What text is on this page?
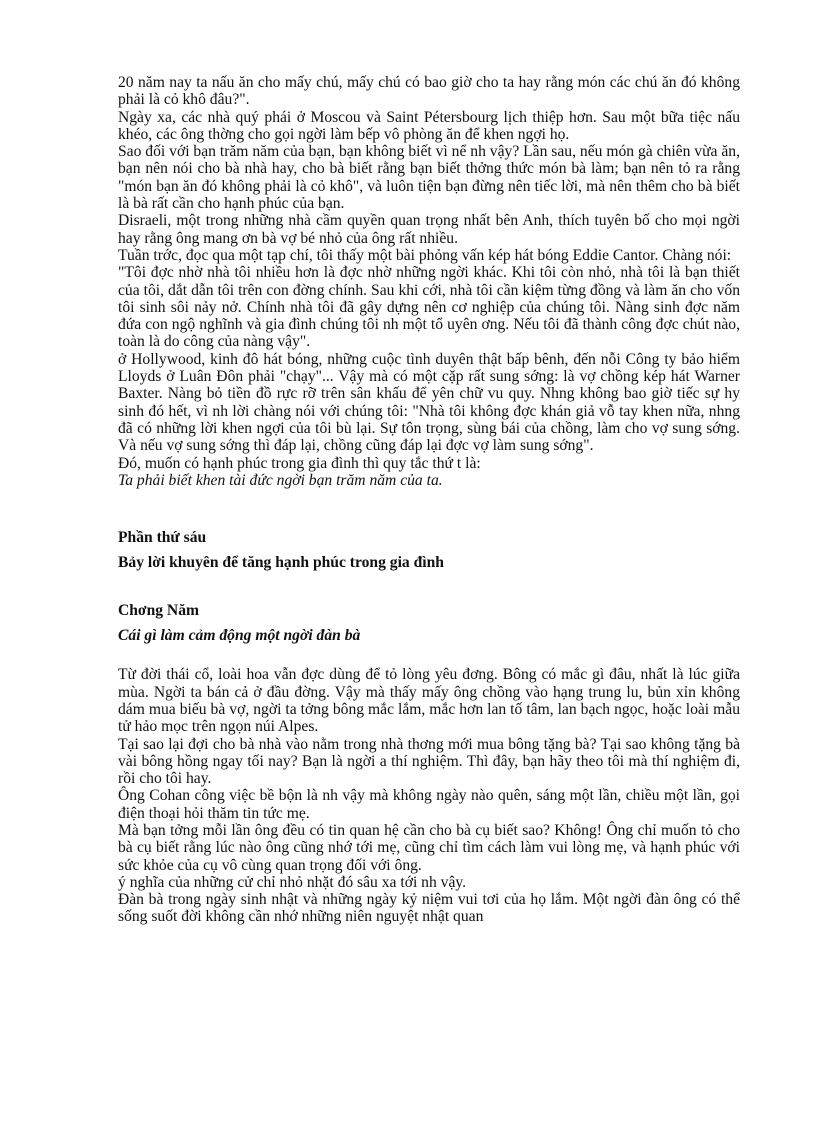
20 năm nay ta nấu ăn cho mấy chú, mấy chú có bao giờ cho ta hay rằng món các chú ăn đó không phải là cỏ khô đâu?".

Ngày xa, các nhà quý phái ở Moscou và Saint Pétersbourg lịch thiệp hơn. Sau một bữa tiệc nấu khéo, các ông thờng cho gọi ngời làm bếp vô phòng ăn để khen ngợi họ.

Sao đối với bạn trăm năm của bạn, bạn không biết vì nể nh vậy? Lần sau, nếu món gà chiên vừa ăn, bạn nên nói cho bà nhà hay, cho bà biết rằng bạn biết thởng thức món bà làm; bạn nên tỏ ra rằng "món bạn ăn đó không phải là cỏ khô", và luôn tiện bạn đừng nên tiếc lời, mà nên thêm cho bà biết là bà rất cần cho hạnh phúc của bạn.

Disraeli, một trong những nhà cầm quyền quan trọng nhất bên Anh, thích tuyên bố cho mọi ngời hay rằng ông mang ơn bà vợ bé nhỏ của ông rất nhiều.

Tuần trớc, đọc qua một tạp chí, tôi thấy một bài phỏng vấn kép hát bóng Eddie Cantor. Chàng nói:

"Tôi đợc nhờ nhà tôi nhiều hơn là đợc nhờ những ngời khác. Khi tôi còn nhỏ, nhà tôi là bạn thiết của tôi, dắt dẫn tôi trên con đờng chính. Sau khi cới, nhà tôi cần kiệm từng đồng và làm ăn cho vốn tôi sinh sôi nảy nở. Chính nhà tôi đã gây dựng nên cơ nghiệp của chúng tôi. Nàng sinh đợc năm đứa con ngộ nghĩnh và gia đình chúng tôi nh một tổ uyên ơng. Nếu tôi đã thành công đợc chút nào, toàn là do công của nàng vậy".

ở Hollywood, kinh đô hát bóng, những cuộc tình duyên thật bấp bênh, đến nỗi Công ty bảo hiểm Lloyds ở Luân Đôn phải "chạy"... Vậy mà có một cặp rất sung sớng: là vợ chồng kép hát Warner Baxter. Nàng bỏ tiền đồ rực rỡ trên sân khấu để yên chữ vu quy. Nhng không bao giờ tiếc sự hy sinh đó hết, vì nh lời chàng nói với chúng tôi: "Nhà tôi không đợc khán giả vỗ tay khen nữa, nhng đã có những lời khen ngợi của tôi bù lại. Sự tôn trọng, sùng bái của chồng, làm cho vợ sung sớng. Và nếu vợ sung sớng thì đáp lại, chồng cũng đáp lại đợc vợ làm sung sớng".

Đó, muốn có hạnh phúc trong gia đình thì quy tắc thứ t là:

Ta phải biết khen tài đức ngời bạn trăm năm của ta.

Phần thứ sáu

Bảy lời khuyên để tăng hạnh phúc trong gia đình

Chơng Năm

Cái gì làm cảm động một ngời đàn bà

Từ đời thái cổ, loài hoa vẫn đợc dùng để tỏ lòng yêu đơng. Bông có mắc gì đâu, nhất là lúc giữa mùa. Ngời ta bán cả ở đầu đờng. Vậy mà thấy mấy ông chồng vào hạng trung lu, bủn xỉn không dám mua biếu bà vợ, ngời ta tởng bông mắc lắm, mắc hơn lan tố tâm, lan bạch ngọc, hoặc loài mẫu tử hảo mọc trên ngọn núi Alpes.

Tại sao lại đợi cho bà nhà vào nằm trong nhà thơng mới mua bông tặng bà? Tại sao không tặng bà vài bông hồng ngay tối nay? Bạn là ngời a thí nghiệm. Thì đây, bạn hãy theo tôi mà thí nghiệm đi, rồi cho tôi hay.

Ông Cohan công việc bề bộn là nh vậy mà không ngày nào quên, sáng một lần, chiều một lần, gọi điện thoại hỏi thăm tin tức mẹ.

Mà bạn tởng mỗi lần ông đều có tin quan hệ cần cho bà cụ biết sao? Không! Ông chỉ muốn tỏ cho bà cụ biết rằng lúc nào ông cũng nhớ tới mẹ, cũng chỉ tìm cách làm vui lòng mẹ, và hạnh phúc với sức khỏe của cụ vô cùng quan trọng đối với ông.

ý nghĩa của những cử chỉ nhỏ nhặt đó sâu xa tới nh vậy.

Đàn bà trong ngày sinh nhật và những ngày kỷ niệm vui tơi của họ lắm. Một ngời đàn ông có thể sống suốt đời không cần nhớ những niên nguyệt nhật quan
